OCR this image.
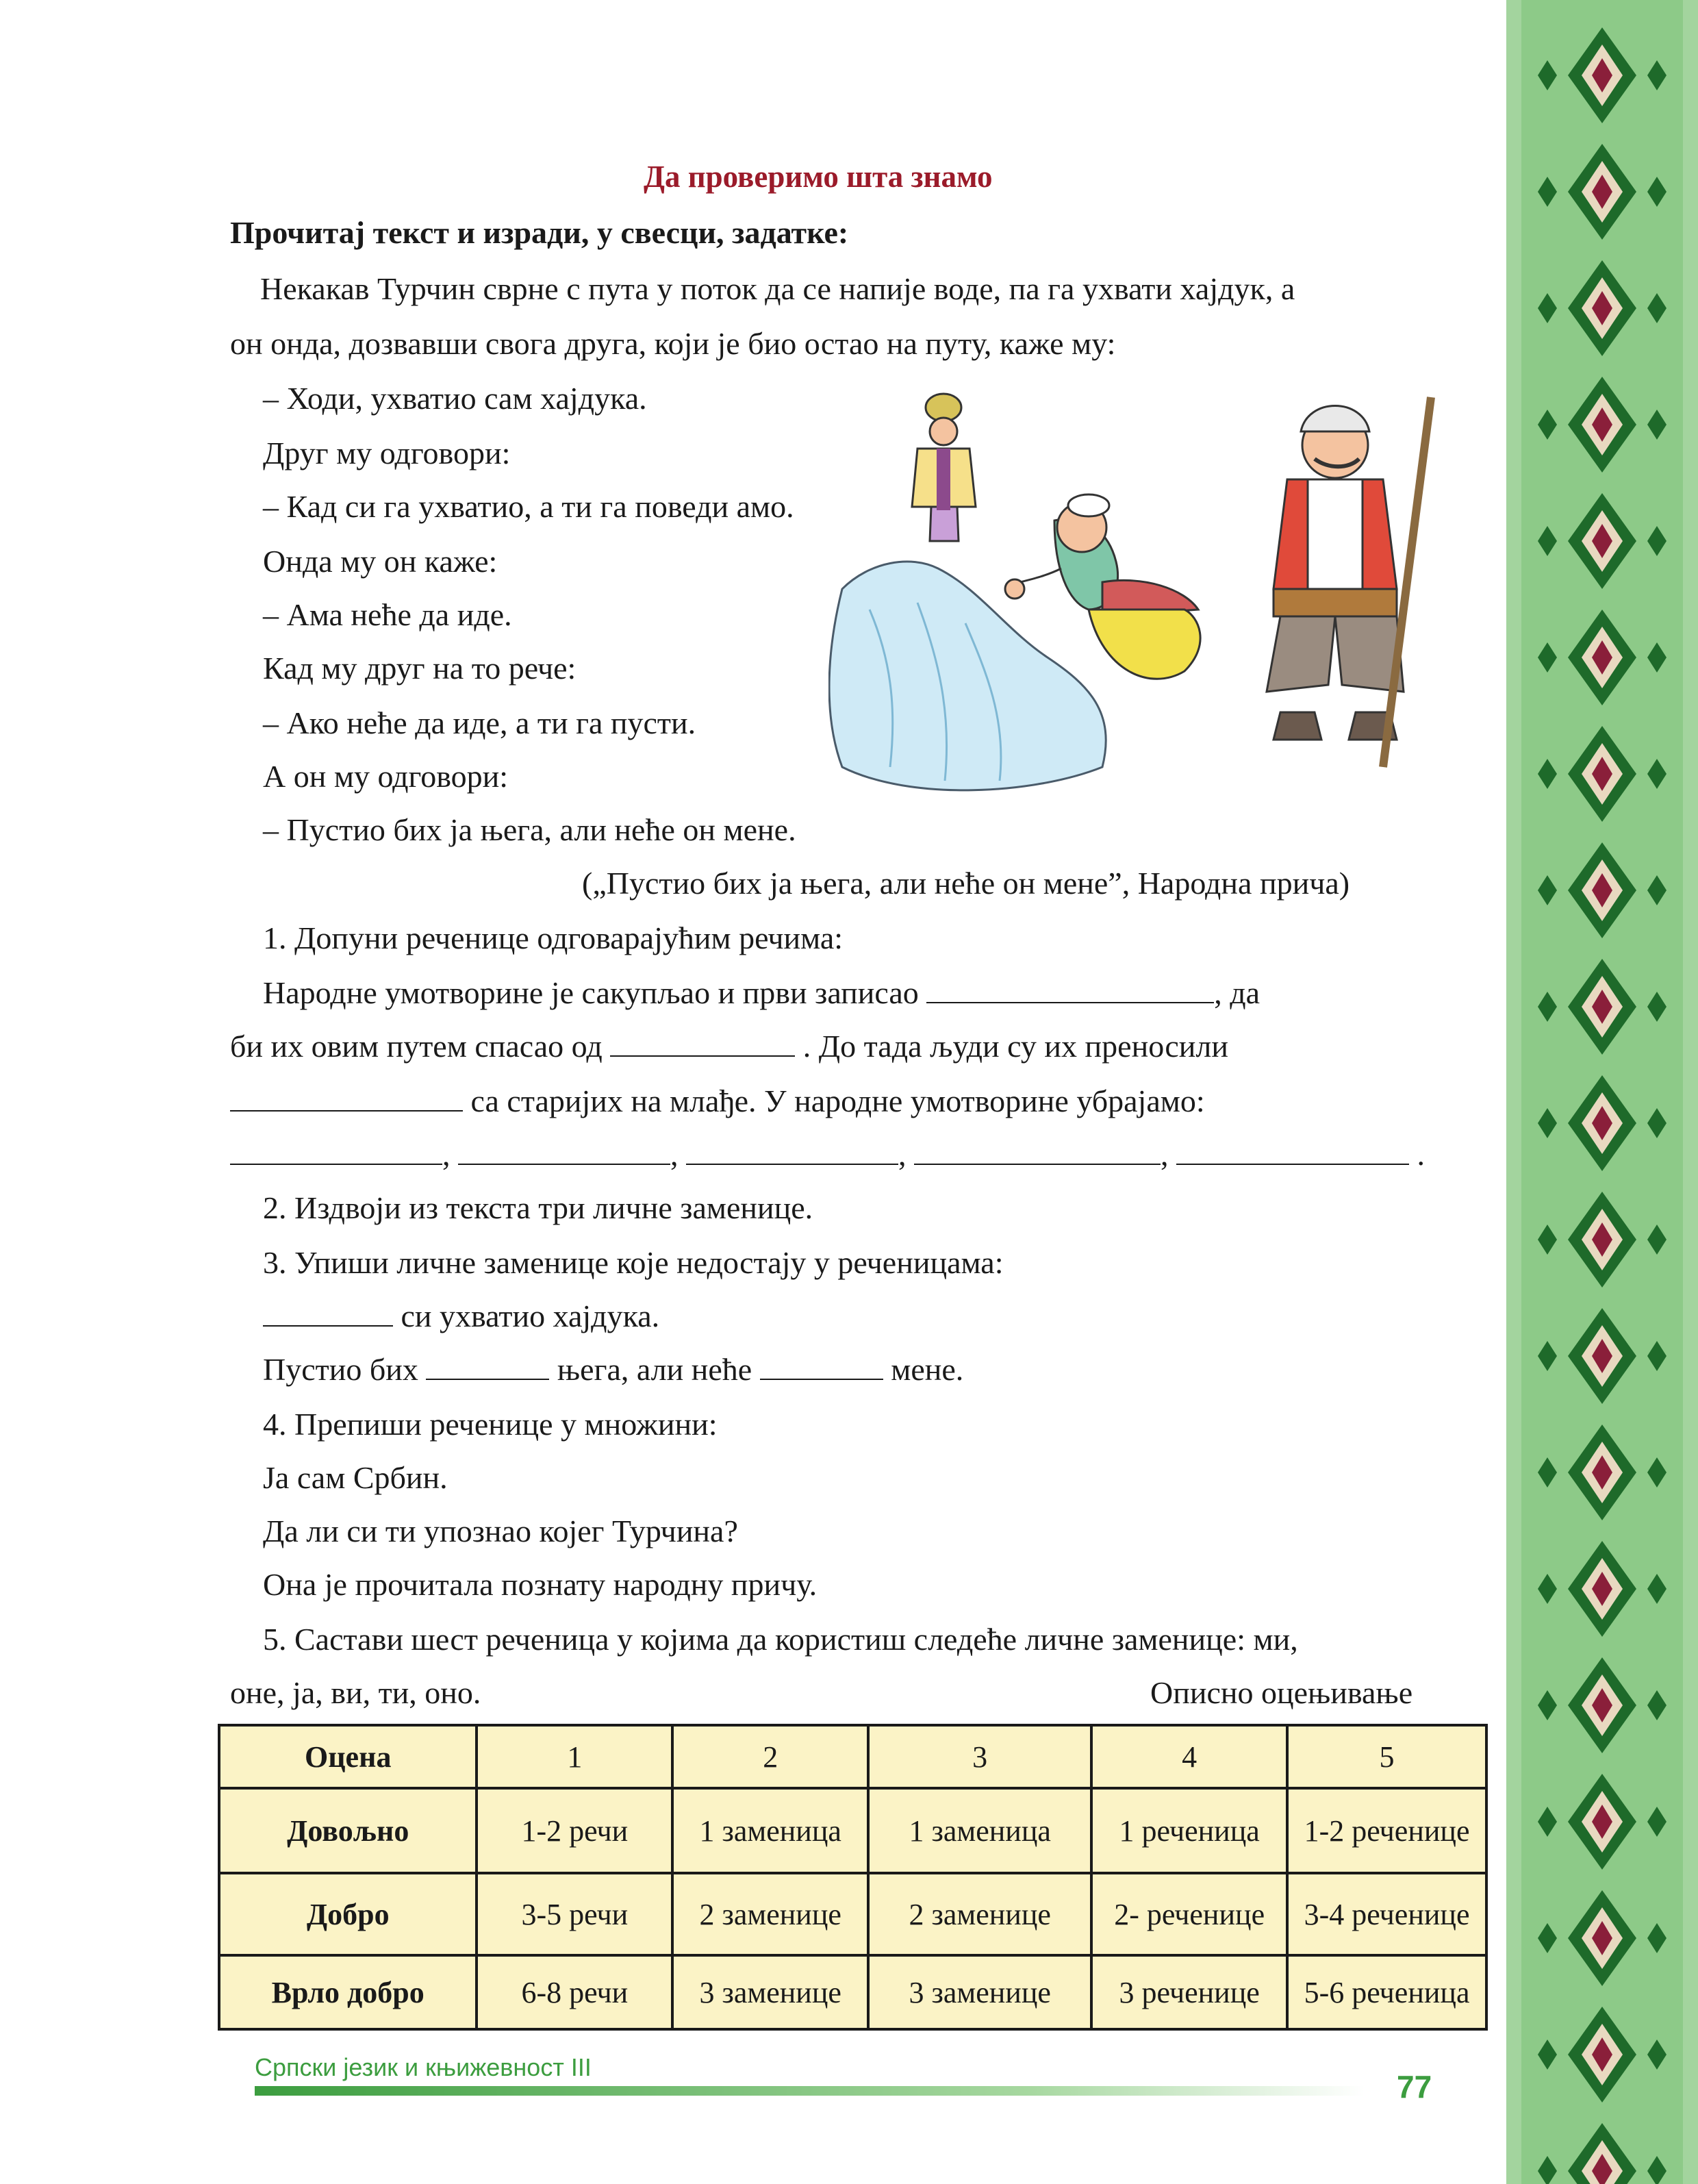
Да проверимо шта знамо
Прочитај текст и изради, у свесци, задатке:
Некакав Турчин сврне с пута у поток да се напије воде, па га ухвати хајдук, а
он онда, дозвавши свога друга, који је био остао на путу, каже му:
– Ходи, ухватио сам хајдука.
Друг му одговори:
– Кад си га ухватио, а ти га поведи амо.
Онда му он каже:
– Ама неће да иде.
Кад му друг на то рече:
– Ако неће да иде, а ти га пусти.
А он му одговори:
– Пустио бих ја њега, али неће он мене.
(„Пустио бих ја њега, али неће он мене”, Народна прича)
1. Допуни реченице одговарајућим речима:
Народне умотворине је сакупљао и први записао	, да
би их овим путем спасао од	. До тада људи су их преносили
са старијих на млађе. У народне умотворине убрајамо:
,	,	,	,	.
2. Издвоји из текста три личне заменице.
3. Упиши личне заменице које недостају у реченицама:
си ухватио хајдука.
Пустио бих	њега, али неће	мене.
4. Препиши реченице у множини:
Ја сам Србин.
Да ли си ти упознао којег Турчина?
Она је прочитала познату народну причу.
5. Састави шест реченица у којима да користиш следеће личне заменице: ми,
оне, ја, ви, ти, оно.	Описно оцењивање
Оцена	1	2	3	4	5
Довољно	1-2 речи	1 заменица	1 заменица	1 реченица	1-2 реченице
Добро	3-5 речи	2 заменице	2 заменице	2- реченице	3-4 реченице
Врло добро	6-8 речи	3 заменице	3 заменице	3 реченице	5-6 реченица
Српски језик и књижевност III
77
